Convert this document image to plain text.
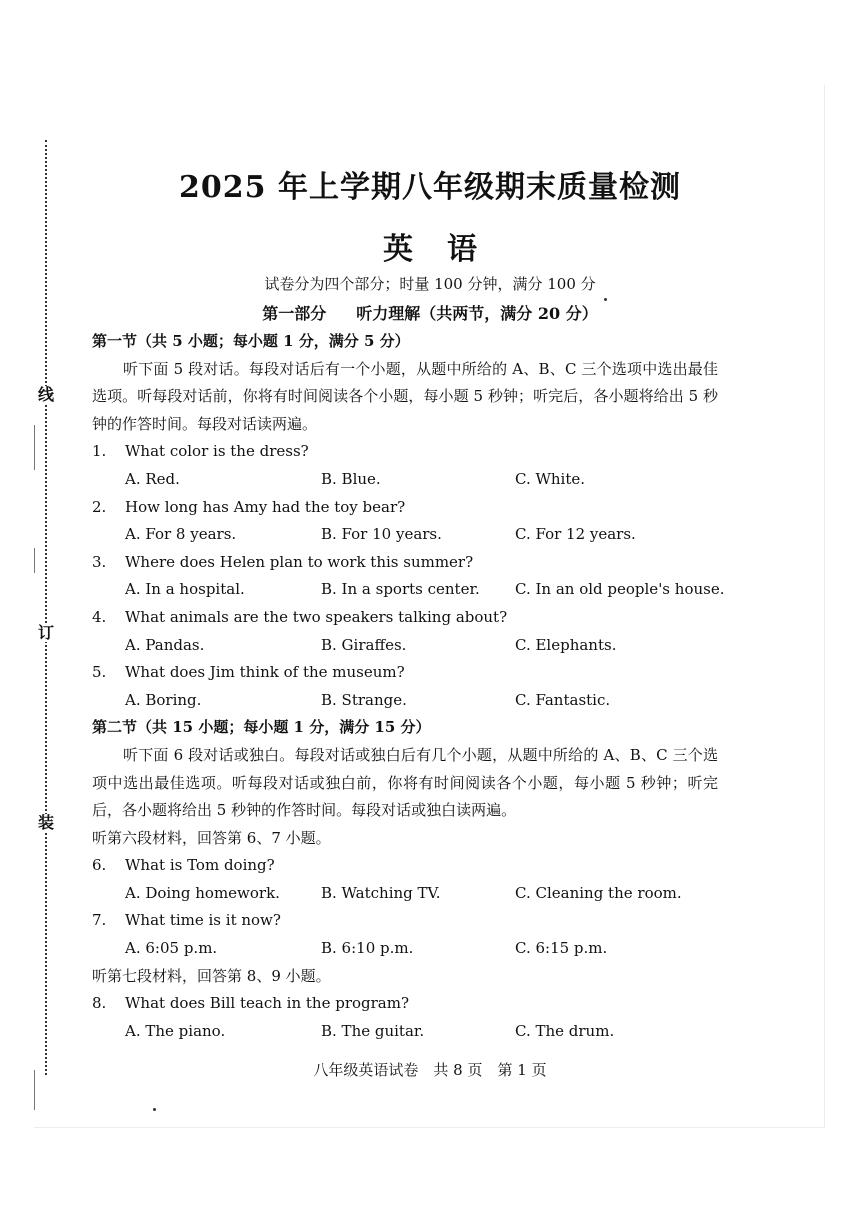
线
订
装
2025 年上学期八年级期末质量检测
英语
试卷分为四个部分；时量 100 分钟，满分 100 分
第一部分 听力理解（共两节，满分 20 分）
第一节（共 5 小题；每小题 1 分，满分 5 分）
听下面 5 段对话。每段对话后有一个小题，从题中所给的 A、B、C 三个选项中选出最佳选项。听每段对话前，你将有时间阅读各个小题，每小题 5 秒钟；听完后，各小题将给出 5 秒钟的作答时间。每段对话读两遍。
1.	What color is the dress?
A. Red.	B. Blue.	C. White.
2.	How long has Amy had the toy bear?
A. For 8 years.	B. For 10 years.	C. For 12 years.
3.	Where does Helen plan to work this summer?
A. In a hospital.	B. In a sports center. C. In an old people's house.
4.	What animals are the two speakers talking about?
A. Pandas.	B. Giraffes.	C. Elephants.
5.	What does Jim think of the museum?
A. Boring.	B. Strange.	C. Fantastic.
第二节（共 15 小题；每小题 1 分，满分 15 分）
听下面 6 段对话或独白。每段对话或独白后有几个小题，从题中所给的 A、B、C 三个选项中选出最佳选项。听每段对话或独白前，你将有时间阅读各个小题，每小题 5 秒钟；听完后，各小题将给出 5 秒钟的作答时间。每段对话或独白读两遍。
听第六段材料，回答第 6、7 小题。
6.	What is Tom doing?
A. Doing homework.	B. Watching TV.	C. Cleaning the room.
7.	What time is it now?
A. 6:05 p.m.	B. 6:10 p.m.	C. 6:15 p.m.
听第七段材料，回答第 8、9 小题。
8.	What does Bill teach in the program?
A. The piano.	B. The guitar.	C. The drum.
八年级英语试卷　共 8 页　第 1 页
